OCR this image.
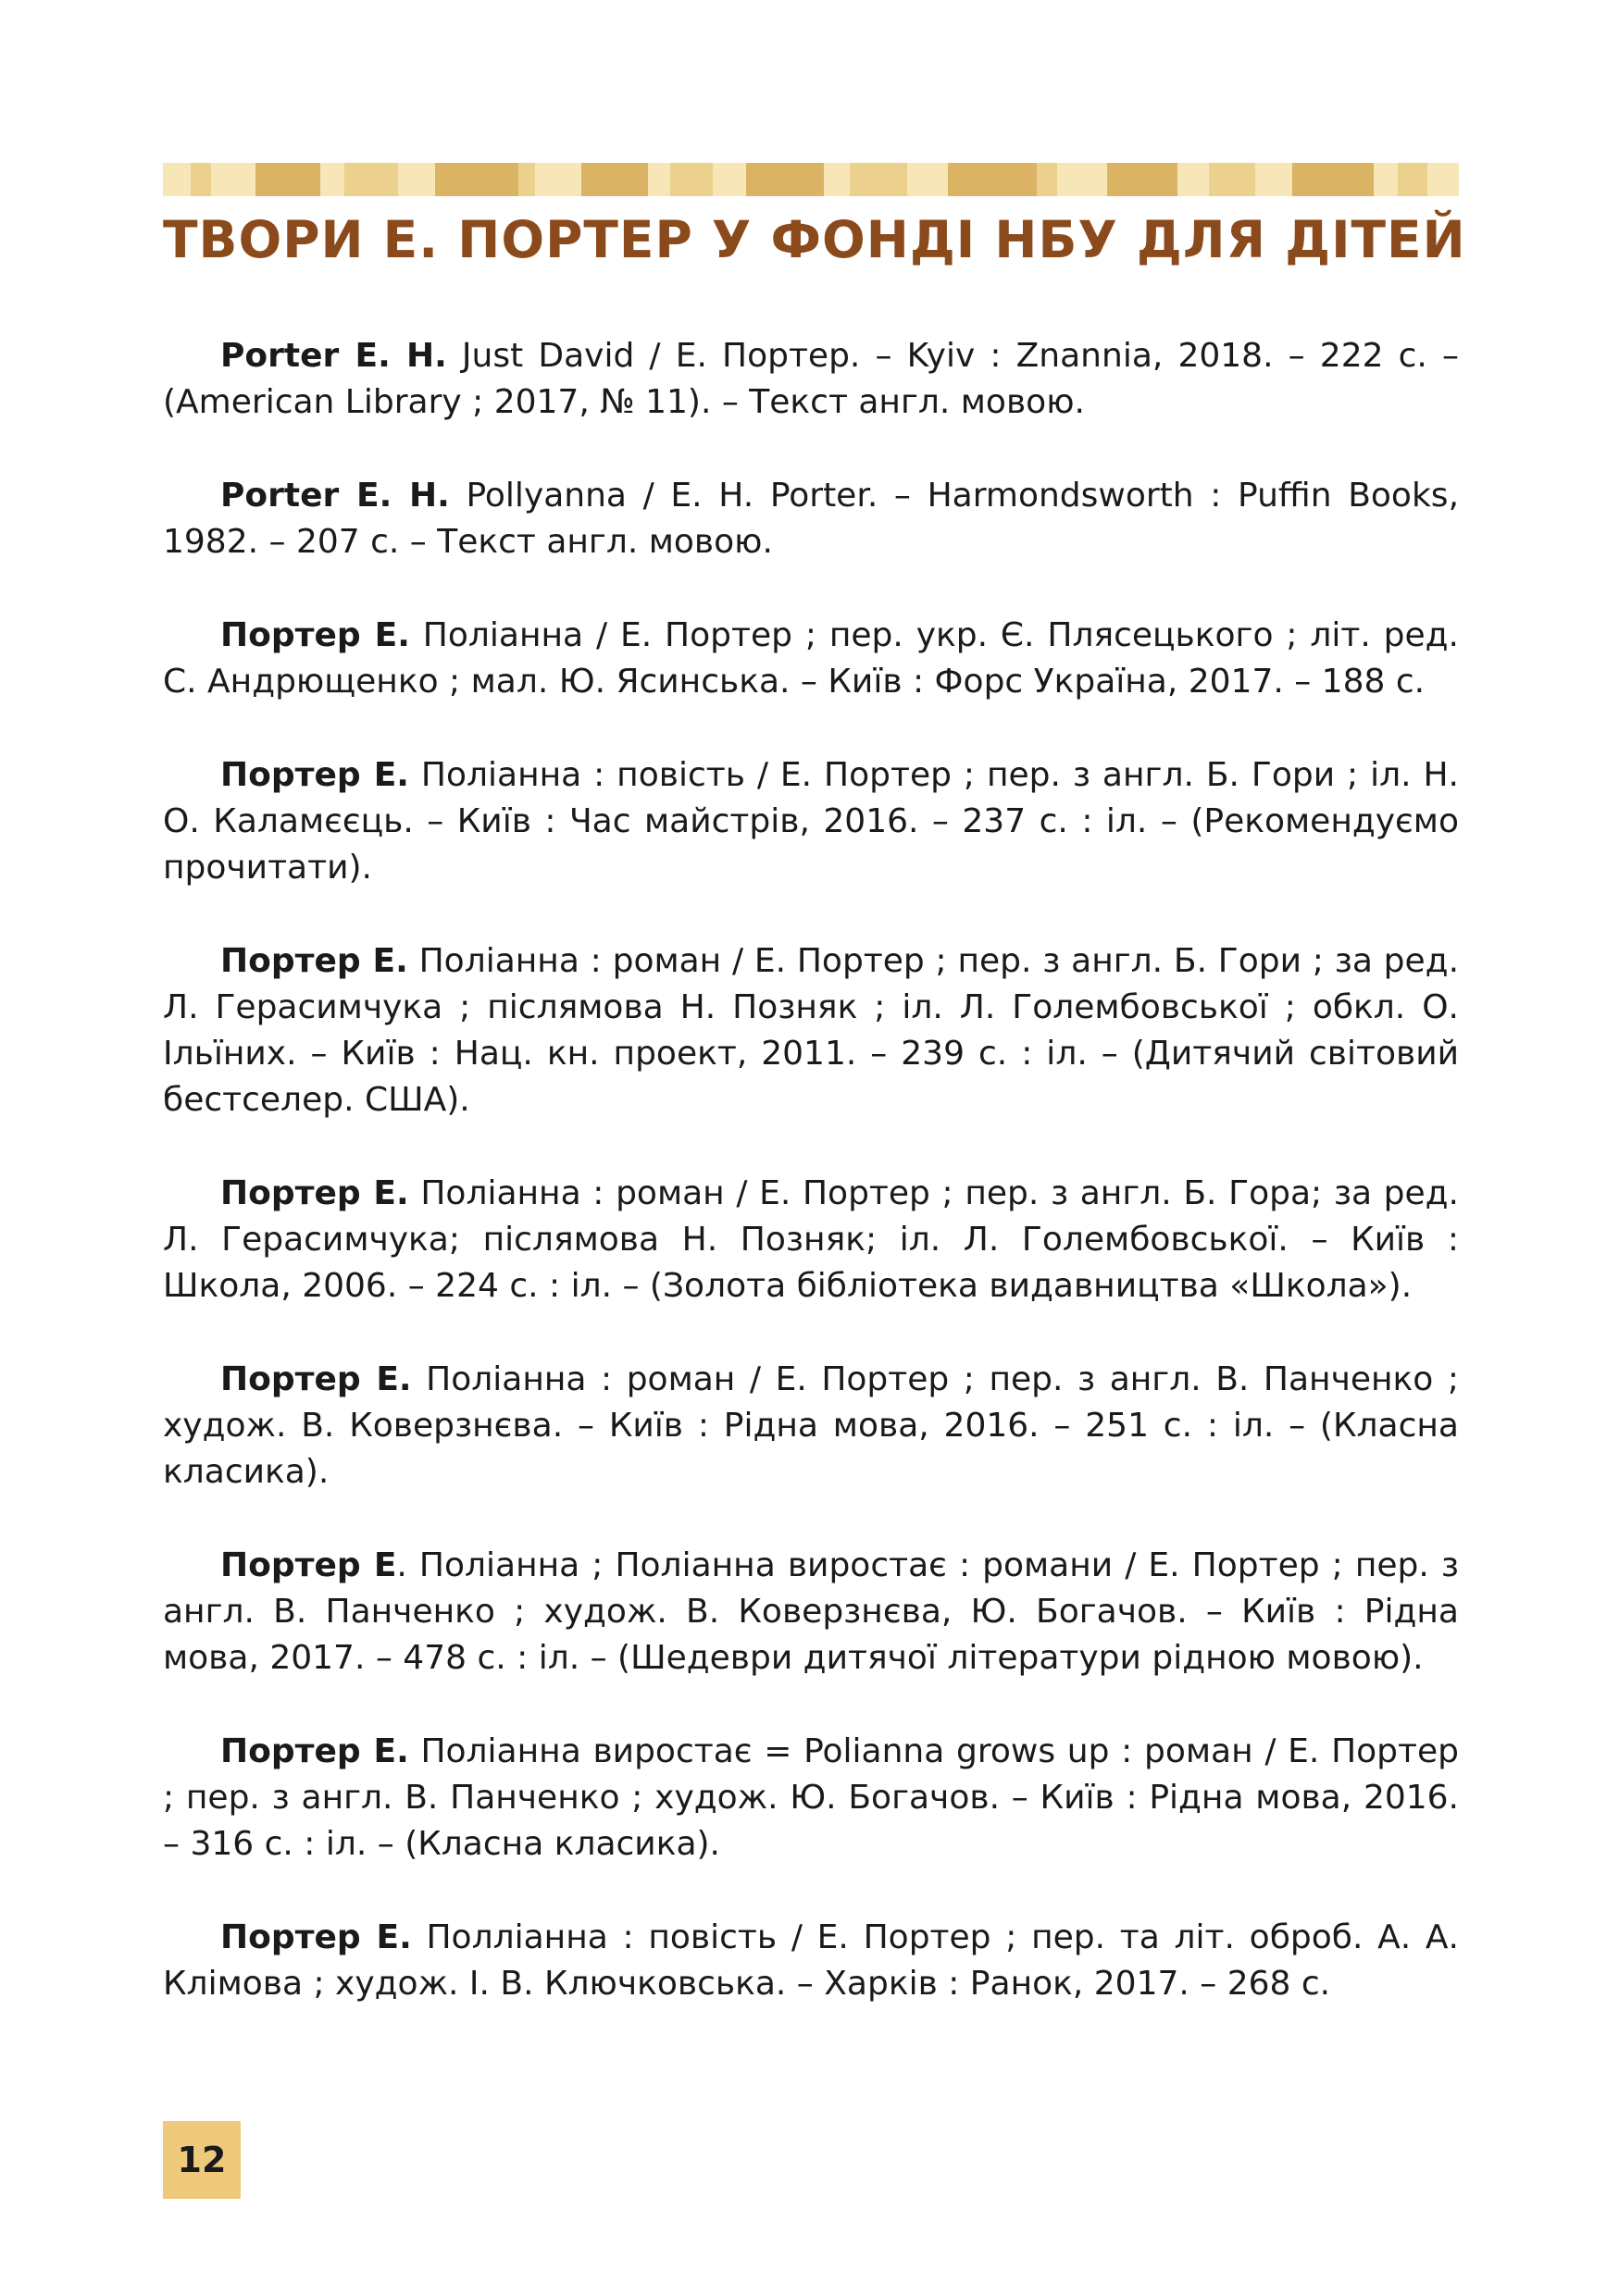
ТВОРИ Е. ПОРТЕР У ФОНДІ НБУ ДЛЯ ДІТЕЙ

Porter E. H. Just David / Е. Портер. – Kyiv : Znannia, 2018. – 222 с. – (American Library ; 2017, № 11). – Текст англ. мовою.

Porter E. H. Pollyanna / E. H. Porter. – Harmondsworth : Puffin Books, 1982. – 207 с. – Текст англ. мовою.

Портер Е. Поліанна / Е. Портер ; пер. укр. Є. Плясецького ; літ. ред. С. Андрющенко ; мал. Ю. Ясинська. – Київ : Форс Україна, 2017. – 188 с.

Портер Е. Поліанна : повість / Е. Портер ; пер. з англ. Б. Гори ; іл. Н. О. Каламєєць. – Київ : Час майстрів, 2016. – 237 с. : іл. – (Рекомендуємо прочитати).

Портер Е. Поліанна : роман / Е. Портер ; пер. з англ. Б. Гори ; за ред. Л. Герасимчука ; післямова Н. Позняк ; іл. Л. Голембовської ; обкл. О. Ільїних. – Київ : Нац. кн. проект, 2011. – 239 с. : іл. – (Дитячий світовий бестселер. США).

Портер Е. Поліанна : роман / Е. Портер ; пер. з англ. Б. Гора; за ред. Л. Герасимчука; післямова Н. Позняк; іл. Л. Голембовської. – Київ : Школа, 2006. – 224 с. : іл. – (Золота бібліотека видавництва «Школа»).

Портер Е. Поліанна : роман / Е. Портер ; пер. з англ. В. Панченко ; худож. В. Коверзнєва. – Київ : Рідна мова, 2016. – 251 с. : іл. – (Класна класика).

Портер Е. Поліанна ; Поліанна виростає : романи / Е. Портер ; пер. з англ. В. Панченко ; худож. В. Коверзнєва, Ю. Богачов. – Київ : Рідна мова, 2017. – 478 с. : іл. – (Шедеври дитячої літератури рідною мовою).

Портер Е. Поліанна виростає = Polianna grows up : роман / Е. Портер ; пер. з англ. В. Панченко ; худож. Ю. Богачов. – Київ : Рідна мова, 2016. – 316 с. : іл. – (Класна класика).

Портер Е. Полліанна : повість / Е. Портер ; пер. та літ. оброб. А. А. Клімова ; худож. І. В. Ключковська. – Харків : Ранок, 2017. – 268 с.

12
